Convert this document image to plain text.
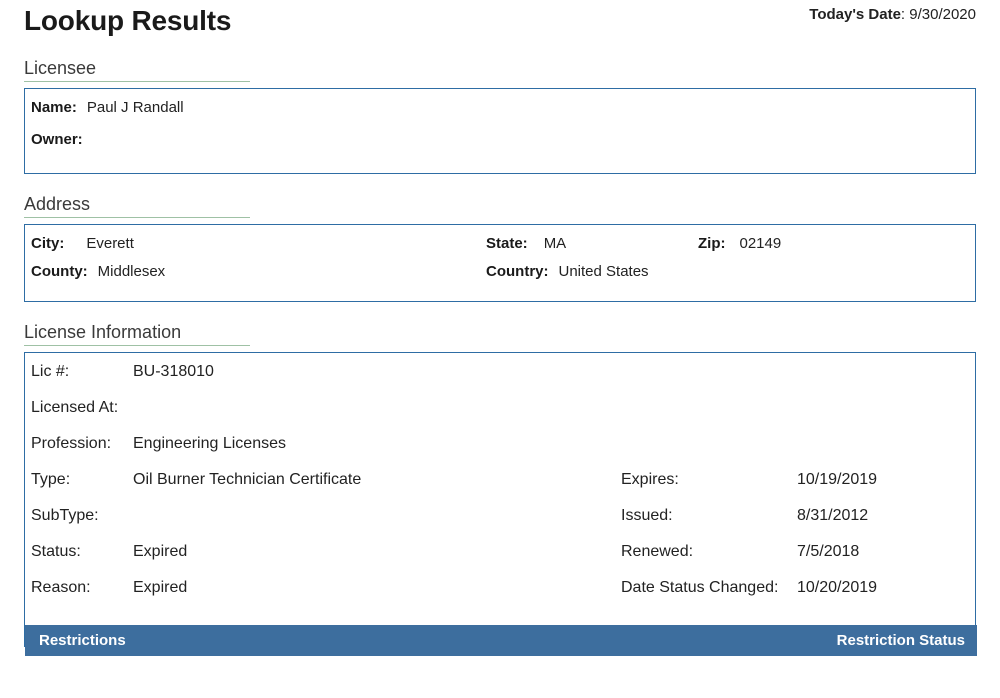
Lookup Results	Today's Date: 9/30/2020
Licensee
Name: Paul J Randall
Owner:
Address
City: Everett	State: MA	Zip: 02149
County: Middlesex	Country: United States
License Information
Lic #:	BU-318010
Licensed At:
Profession:	Engineering Licenses
Type:	Oil Burner Technician Certificate	Expires:	10/19/2019
SubType:	Issued:	8/31/2012
Status:	Expired	Renewed:	7/5/2018
Reason:	Expired	Date Status Changed:	10/20/2019
Restrictions	Restriction Status
